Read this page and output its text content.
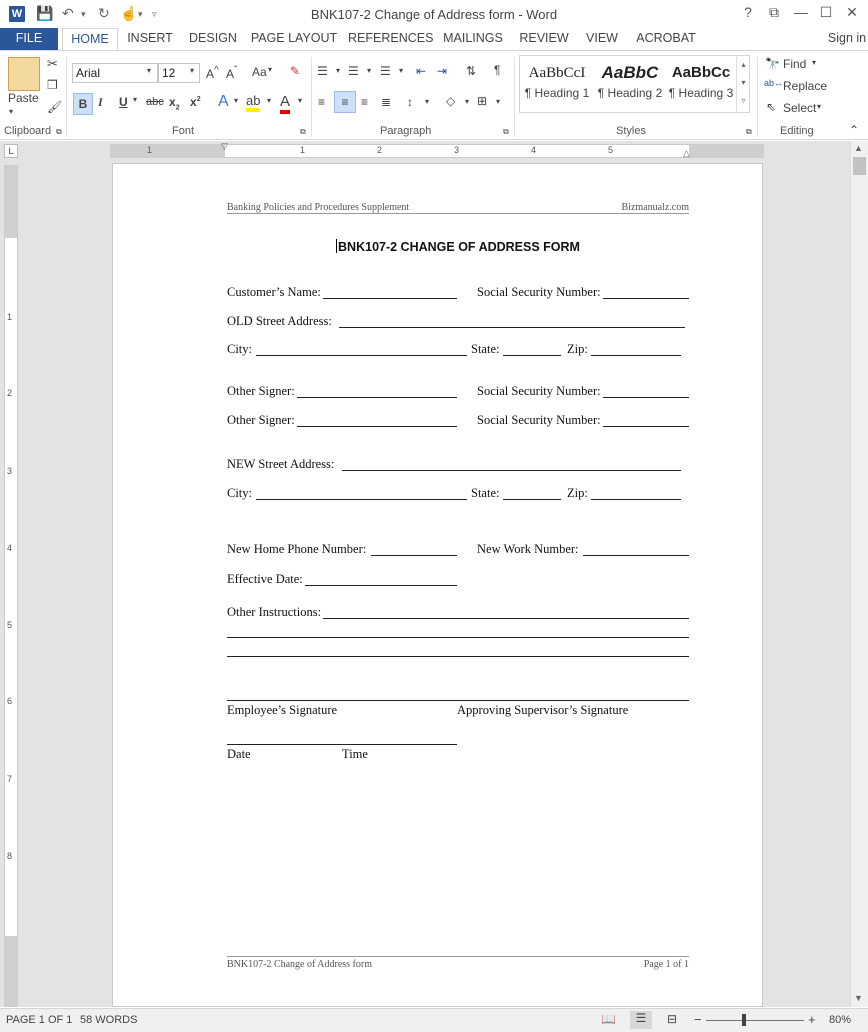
W 💾 ↶ ▾ ↻ ☝ ▾ ▿	BNK107-2 Change of Address form - Word	?	⧉	— ☐ ✕
FILE	HOME	INSERT	DESIGN	PAGE LAYOUT REFERENCES MAILINGS REVIEW	VIEW	ACROBAT	Sign in
Paste
▾
✂
❐
🖌
Clipboard ⧉
Arial	▾ 12	▾ A^ $A^ˇ$ Aa ▾ ✎
B I U ▾ abc $x_2$ $x^2$ A ▾ ab ▾ A ▾
Font	⧉
☰ ▾ ☰ ▾ ☰ ▾ ⇤ ⇥ ⇅ ¶
≡	≡	≡ ≣ ↕ ▾ ◇ ▾ ⊞ ▾
Paragraph	⧉
AaBbCcI
¶ Heading 1
AaBbC
¶ Heading 2
AaBbCc
¶ Heading 3
▴
▾
▿
Styles	⧉
🔭 Find ▾
ab↔ Replace
⇖ Select ▾
Editing	⌃
L	1	1	2	3	4	5
▽
△
1
2
3
4
5
6
7
8
Banking Policies and Procedures Supplement	Bizmanualz.com
BNK107-2 CHANGE OF ADDRESS FORM
Customer’s Name:	Social Security Number:
OLD Street Address:
City:	State:	Zip:
Other Signer:	Social Security Number:
Other Signer:	Social Security Number:
NEW Street Address:
City:	State:	Zip:
New Home Phone Number:	New Work Number:
Effective Date:
Other Instructions:
Employee’s Signature	Approving Supervisor’s Signature
Date	Time
BNK107-2 Change of Address form	Page 1 of 1
▲
▼
PAGE 1 OF 1 58 WORDS	📖	☰	⊟ −	+ 80%
